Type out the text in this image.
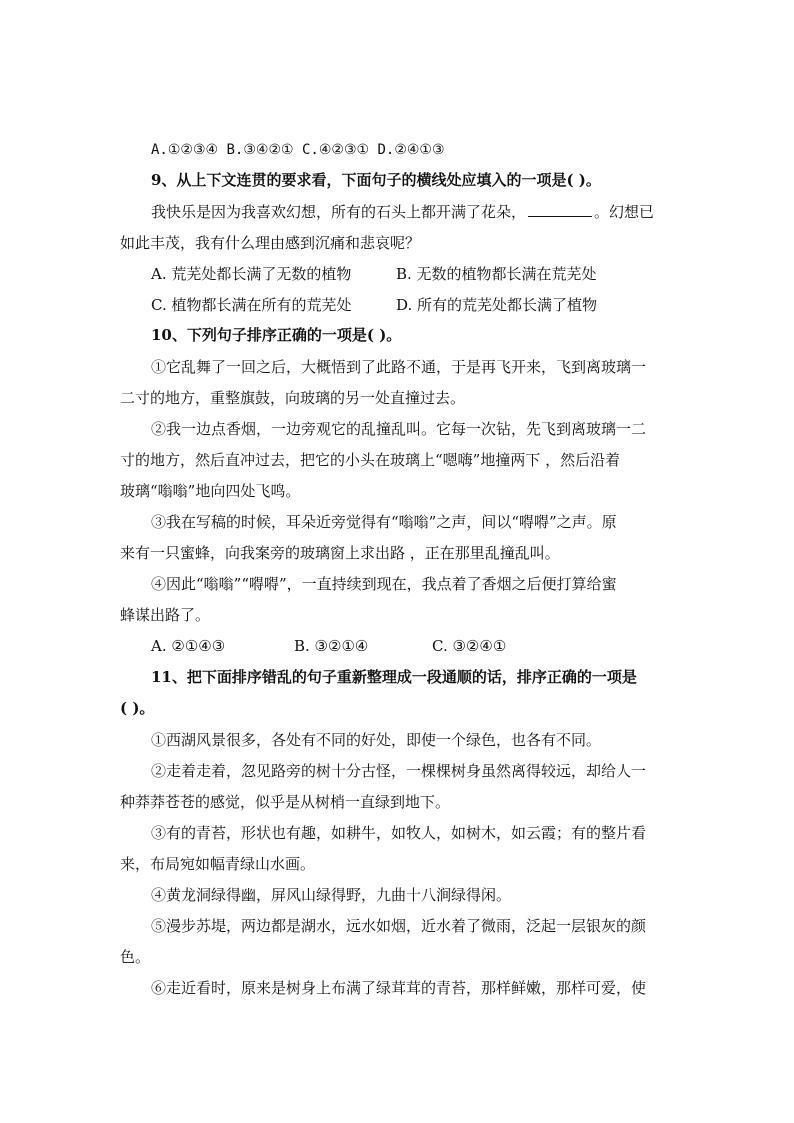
A.①②③④ B.③④②① C.④②③① D.②④①③
9、从上下文连贯的要求看，下面句子的横线处应填入的一项是( )。
我快乐是因为我喜欢幻想，所有的石头上都开满了花朵，	。幻想已
如此丰茂，我有什么理由感到沉痛和悲哀呢？
A. 荒芜处都长满了无数的植物	B. 无数的植物都长满在荒芜处
C. 植物都长满在所有的荒芜处	D. 所有的荒芜处都长满了植物
10、下列句子排序正确的一项是( )。
①它乱舞了一回之后，大概悟到了此路不通，于是再飞开来，飞到离玻璃一
二寸的地方，重整旗鼓，向玻璃的另一处直撞过去。
②我一边点香烟，一边旁观它的乱撞乱叫。它每一次钻，先飞到离玻璃一二
寸的地方，然后直冲过去，把它的小头在玻璃上“嗯嗨”地撞两下 ，然后沿着
玻璃“嗡嗡”地向四处飞鸣。
③我在写稿的时候，耳朵近旁觉得有“嗡嗡”之声，间以“嘚嘚”之声。原
来有一只蜜蜂，向我案旁的玻璃窗上求出路 ，正在那里乱撞乱叫。
④因此“嗡嗡”“嘚嘚”，一直持续到现在，我点着了香烟之后便打算给蜜
蜂谋出路了。
A. ②①④③	B. ③②①④	C. ③②④①
11、把下面排序错乱的句子重新整理成一段通顺的话，排序正确的一项是
( )。
①西湖风景很多，各处有不同的好处，即使一个绿色，也各有不同。
②走着走着，忽见路旁的树十分古怪，一棵棵树身虽然离得较远，却给人一
种莽莽苍苍的感觉，似乎是从树梢一直绿到地下。
③有的青苔，形状也有趣，如耕牛，如牧人，如树木，如云霞；有的整片看
来，布局宛如幅青绿山水画。
④黄龙洞绿得幽，屏风山绿得野，九曲十八涧绿得闲。
⑤漫步苏堤，两边都是湖水，远水如烟，近水着了微雨，泛起一层银灰的颜
色。
⑥走近看时，原来是树身上布满了绿茸茸的青苔，那样鲜嫩，那样可爱，使
